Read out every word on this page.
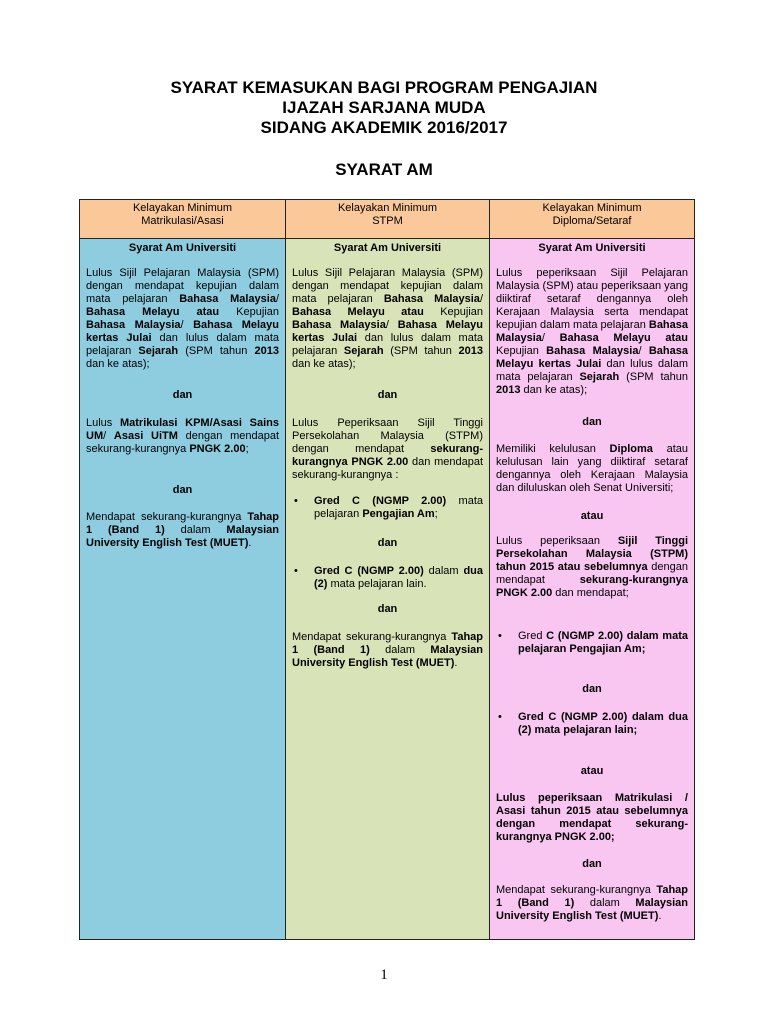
SYARAT KEMASUKAN BAGI PROGRAM PENGAJIAN
IJAZAH SARJANA MUDA
SIDANG AKADEMIK 2016/2017
SYARAT AM
Kelayakan Minimum
Matrikulasi/Asasi
Kelayakan Minimum
STPM
Kelayakan Minimum
Diploma/Setaraf
Syarat Am Universiti

Lulus Sijil Pelajaran Malaysia (SPM) dengan mendapat kepujian dalam mata pelajaran Bahasa Malaysia/ Bahasa Melayu atau Kepujian Bahasa Malaysia/ Bahasa Melayu kertas Julai dan lulus dalam mata pelajaran Sejarah (SPM tahun 2013 dan ke atas);

dan

Lulus Matrikulasi KPM/Asasi Sains UM/ Asasi UiTM dengan mendapat sekurang-kurangnya PNGK 2.00;

dan

Mendapat sekurang-kurangnya Tahap 1 (Band 1) dalam Malaysian University English Test (MUET).

Syarat Am Universiti

Lulus Sijil Pelajaran Malaysia (SPM) dengan mendapat kepujian dalam mata pelajaran Bahasa Malaysia/ Bahasa Melayu atau Kepujian Bahasa Malaysia/ Bahasa Melayu kertas Julai dan lulus dalam mata pelajaran Sejarah (SPM tahun 2013 dan ke atas);

dan

Lulus Peperiksaan Sijil Tinggi Persekolahan Malaysia (STPM) dengan mendapat sekurang-kurangnya PNGK 2.00 dan mendapat sekurang-kurangnya :

• Gred C (NGMP 2.00) mata pelajaran Pengajian Am;
dan
• Gred C (NGMP 2.00) dalam dua (2) mata pelajaran lain.
dan

Mendapat sekurang-kurangnya Tahap 1 (Band 1) dalam Malaysian University English Test (MUET).

Syarat Am Universiti

Lulus peperiksaan Sijil Pelajaran Malaysia (SPM) atau peperiksaan yang diiktiraf setaraf dengannya oleh Kerajaan Malaysia serta mendapat kepujian dalam mata pelajaran Bahasa Malaysia/ Bahasa Melayu atau Kepujian Bahasa Malaysia/ Bahasa Melayu kertas Julai dan lulus dalam mata pelajaran Sejarah (SPM tahun 2013 dan ke atas);

dan

Memiliki kelulusan Diploma atau kelulusan lain yang diiktiraf setaraf dengannya oleh Kerajaan Malaysia dan diluluskan oleh Senat Universiti;

atau

Lulus peperiksaan Sijil Tinggi Persekolahan Malaysia (STPM) tahun 2015 atau sebelumnya dengan mendapat sekurang-kurangnya PNGK 2.00 dan mendapat;

• Gred C (NGMP 2.00) dalam mata pelajaran Pengajian Am;
dan
• Gred C (NGMP 2.00) dalam dua (2) mata pelajaran lain;
atau

Lulus peperiksaan Matrikulasi / Asasi tahun 2015 atau sebelumnya dengan mendapat sekurang-kurangnya PNGK 2.00;

dan

Mendapat sekurang-kurangnya Tahap 1 (Band 1) dalam Malaysian University English Test (MUET).

1
